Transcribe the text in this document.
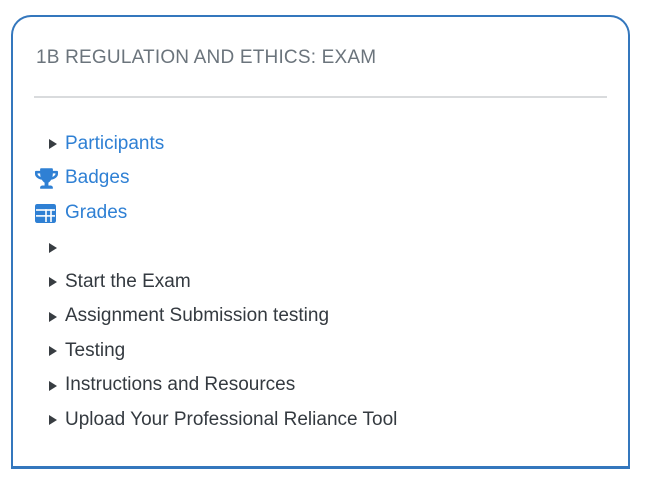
1B REGULATION AND ETHICS: EXAM
Participants
Badges
Grades
Start the Exam
Assignment Submission testing
Testing
Instructions and Resources
Upload Your Professional Reliance Tool
